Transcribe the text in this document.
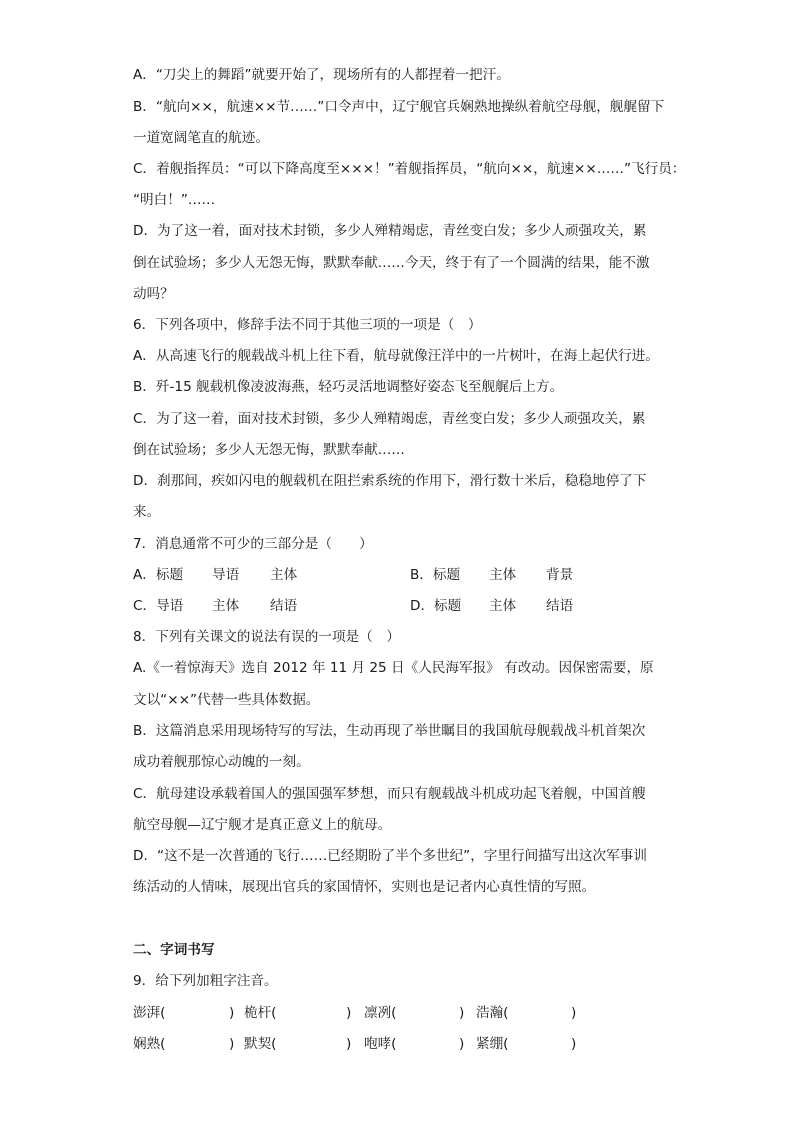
A．“刀尖上的舞蹈”就要开始了，现场所有的人都捏着一把汗。
B．“航向××，航速××节……”口令声中，辽宁舰官兵娴熟地操纵着航空母舰，舰艉留下
一道宽阔笔直的航迹。
C．着舰指挥员：“可以下降高度至×××！”着舰指挥员，“航向××，航速××……”飞行员：
“明白！”……
D．为了这一着，面对技术封锁，多少人殚精竭虑，青丝变白发；多少人顽强攻关，累
倒在试验场；多少人无怨无悔，默默奉献……今天，终于有了一个圆满的结果，能不激
动吗？
6．下列各项中，修辞手法不同于其他三项的一项是（　）
A．从高速飞行的舰载战斗机上往下看，航母就像汪洋中的一片树叶，在海上起伏行进。
B．歼-15 舰载机像凌波海燕，轻巧灵活地调整好姿态飞至舰艉后上方。
C．为了这一着，面对技术封锁，多少人殚精竭虑，青丝变白发；多少人顽强攻关，累
倒在试验场；多少人无怨无悔，默默奉献……
D．刹那间，疾如闪电的舰载机在阻拦索系统的作用下，滑行数十米后，稳稳地停了下
来。
7．消息通常不可少的三部分是（　　）
A．标题 导语 主体	B．标题 主体 背景
C．导语 主体 结语	D．标题 主体 结语
8．下列有关课文的说法有误的一项是（　）
A.《一着惊海天》选自 2012 年 11 月 25 日《人民海军报》 有改动。因保密需要，原
文以“××”代替一些具体数据。
B．这篇消息采用现场特写的写法，生动再现了举世瞩目的我国航母舰载战斗机首架次
成功着舰那惊心动魄的一刻。
C．航母建设承载着国人的强国强军梦想，而只有舰载战斗机成功起飞着舰，中国首艘
航空母舰—辽宁舰才是真正意义上的航母。
D．“这不是一次普通的飞行……已经期盼了半个多世纪”，字里行间描写出这次军事训
练活动的人情味，展现出官兵的家国情怀，实则也是记者内心真性情的写照。
二、字词书写
9．给下列加粗字注音。
澎湃(	) 桅杆(	) 凛冽(	) 浩瀚(	)
娴熟(	) 默契(	) 咆哮(	) 紧绷(	)
